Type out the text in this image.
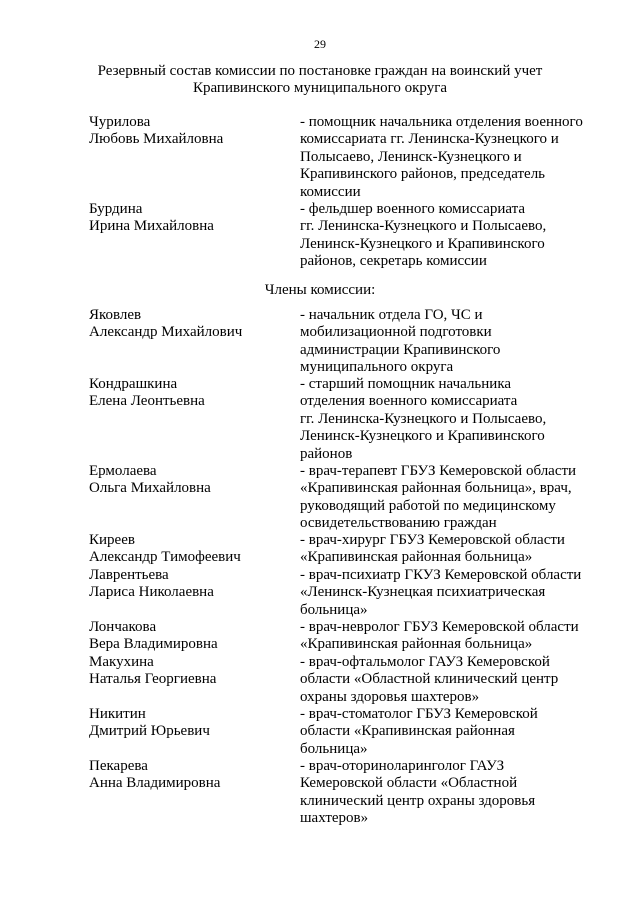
29
Резервный состав комиссии по постановке граждан на воинский учет
Крапивинского муниципального округа
Чурилова
Любовь Михайловна
- помощник начальника отделения военного
комиссариата гг. Ленинска-Кузнецкого и
Полысаево, Ленинск-Кузнецкого и
Крапивинского районов, председатель
комиссии
Бурдина
Ирина Михайловна
- фельдшер военного комиссариата
гг. Ленинска-Кузнецкого и Полысаево,
Ленинск-Кузнецкого и Крапивинского
районов, секретарь комиссии
Члены комиссии:
Яковлев
Александр Михайлович
- начальник отдела ГО, ЧС и
мобилизационной подготовки
администрации Крапивинского
муниципального округа
Кондрашкина
Елена Леонтьевна
- старший помощник начальника
отделения военного комиссариата
гг. Ленинска-Кузнецкого и Полысаево,
Ленинск-Кузнецкого и Крапивинского
районов
Ермолаева
Ольга Михайловна
- врач-терапевт ГБУЗ Кемеровской области
«Крапивинская районная больница», врач,
руководящий работой по медицинскому
освидетельствованию граждан
Киреев
Александр Тимофеевич
- врач-хирург ГБУЗ Кемеровской области
«Крапивинская районная больница»
Лаврентьева
Лариса Николаевна
- врач-психиатр ГКУЗ Кемеровской области
«Ленинск-Кузнецкая психиатрическая
больница»
Лончакова
Вера Владимировна
- врач-невролог ГБУЗ Кемеровской области
«Крапивинская районная больница»
Макухина
Наталья Георгиевна
- врач-офтальмолог ГАУЗ Кемеровской
области «Областной клинический центр
охраны здоровья шахтеров»
Никитин
Дмитрий Юрьевич
- врач-стоматолог ГБУЗ Кемеровской
области «Крапивинская районная
больница»
Пекарева
Анна Владимировна
- врач-оториноларинголог ГАУЗ
Кемеровской области «Областной
клинический центр охраны здоровья
шахтеров»
